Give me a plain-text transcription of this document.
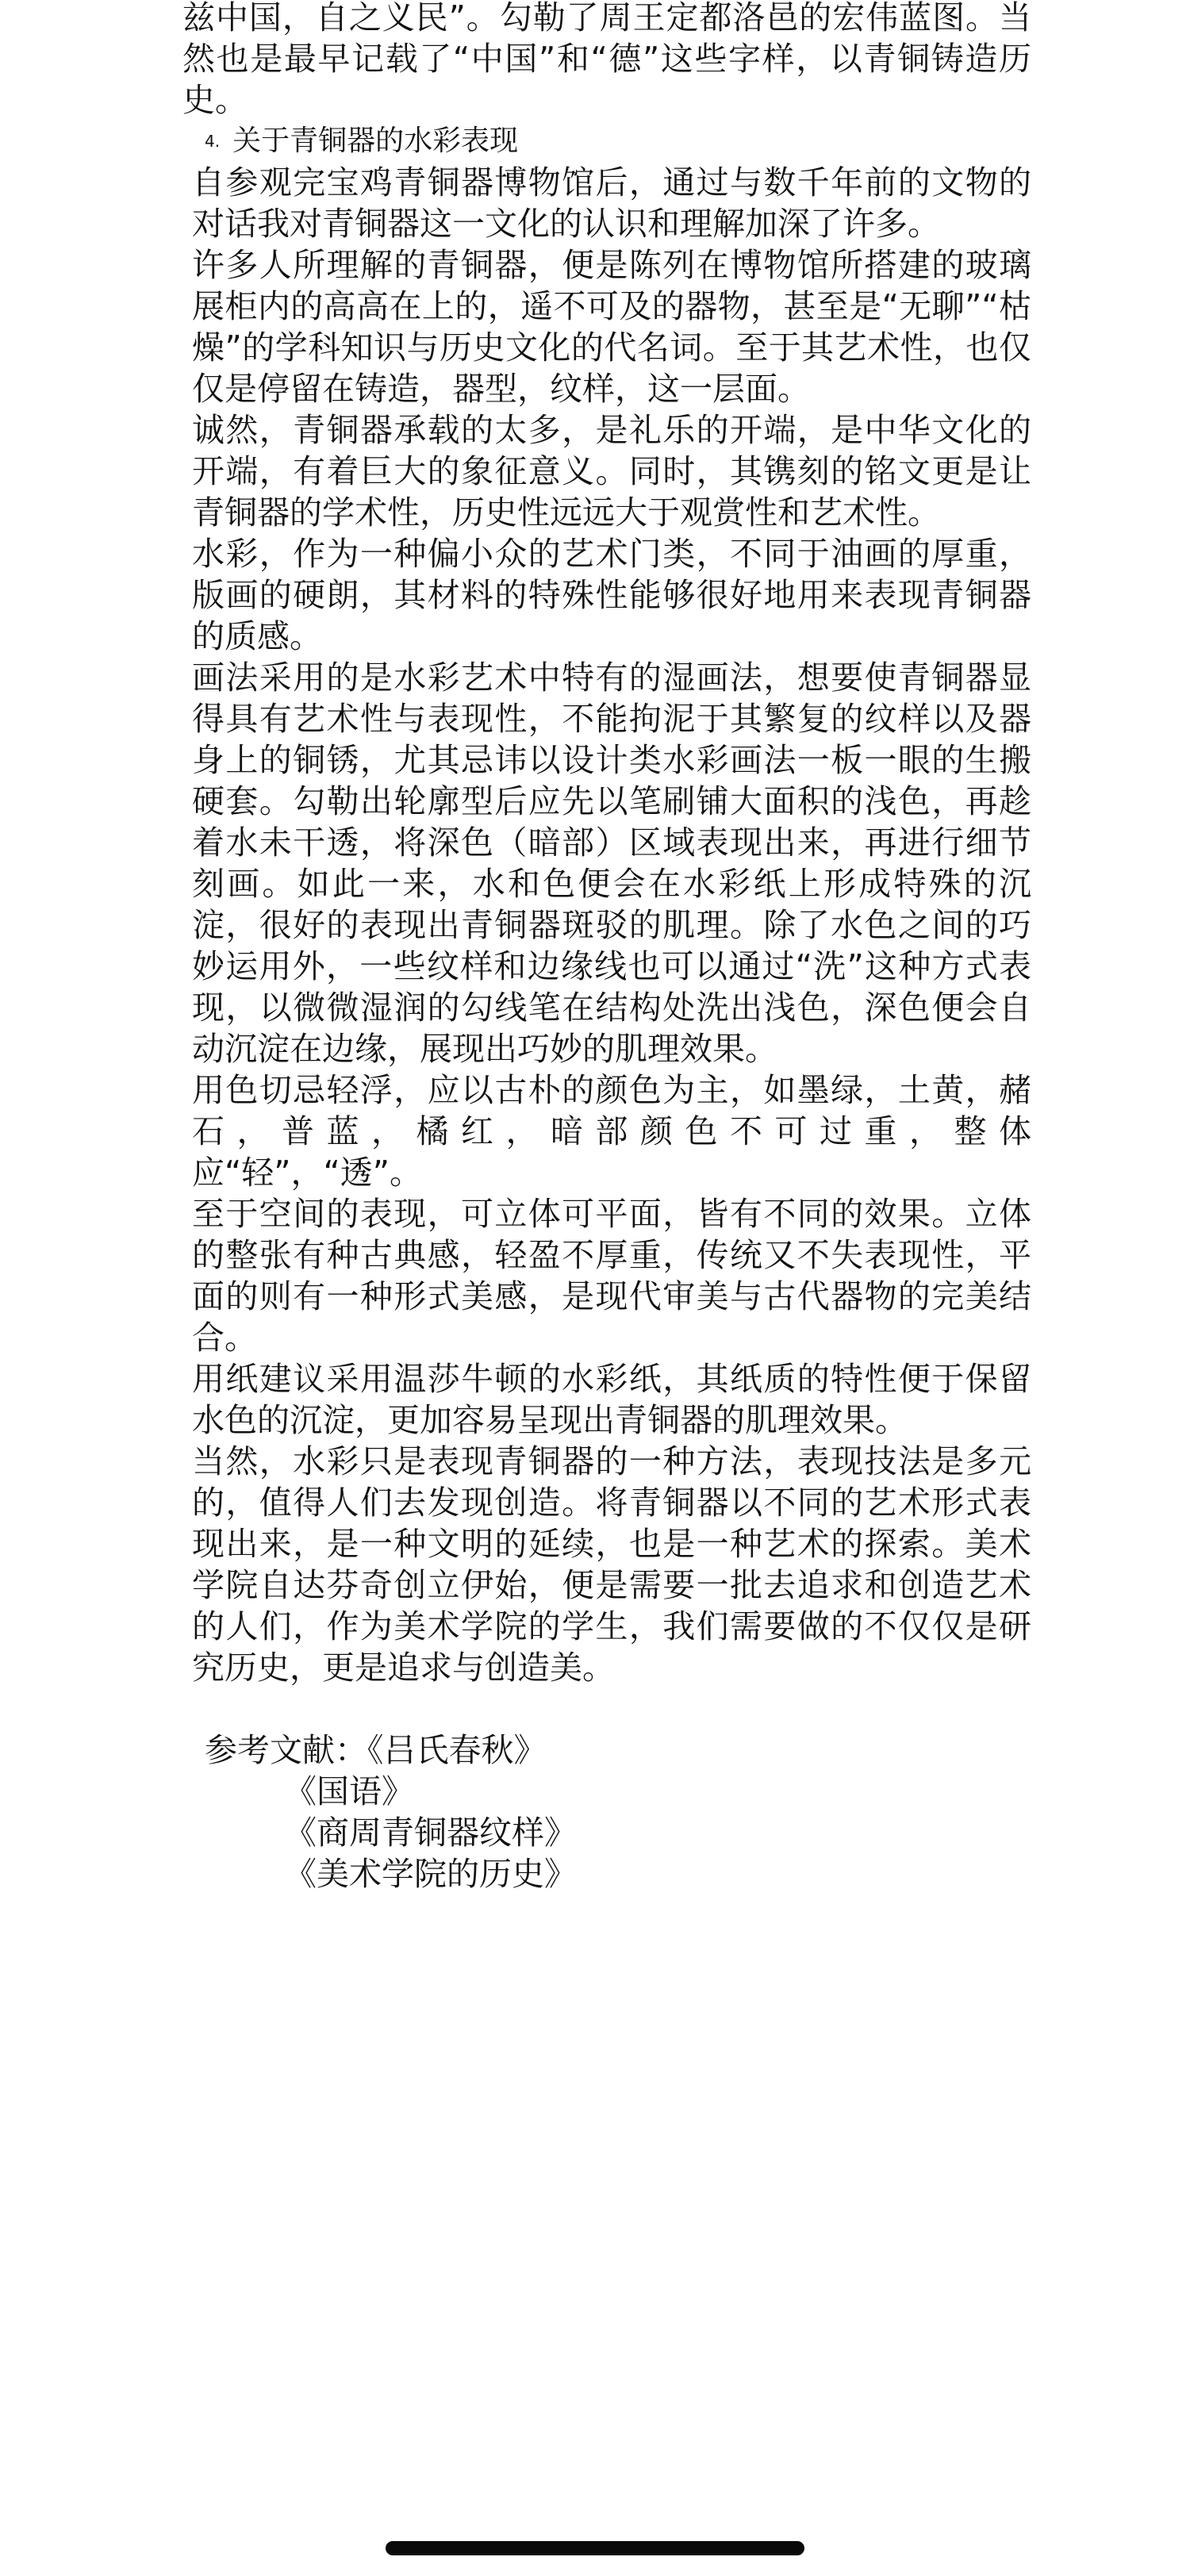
兹中国，自之义民”。勾勒了周王定都洛邑的宏伟蓝图。当然也是最早记载了“中国”和“德”这些字样，以青铜铸造历史。

4. 关于青铜器的水彩表现

自参观完宝鸡青铜器博物馆后，通过与数千年前的文物的对话我对青铜器这一文化的认识和理解加深了许多。

许多人所理解的青铜器，便是陈列在博物馆所搭建的玻璃展柜内的高高在上的，遥不可及的器物，甚至是“无聊”“枯燥”的学科知识与历史文化的代名词。至于其艺术性，也仅仅是停留在铸造，器型，纹样，这一层面。

诚然，青铜器承载的太多，是礼乐的开端，是中华文化的开端，有着巨大的象征意义。同时，其镌刻的铭文更是让青铜器的学术性，历史性远远大于观赏性和艺术性。

水彩，作为一种偏小众的艺术门类，不同于油画的厚重，版画的硬朗，其材料的特殊性能够很好地用来表现青铜器的质感。

画法采用的是水彩艺术中特有的湿画法，想要使青铜器显得具有艺术性与表现性，不能拘泥于其繁复的纹样以及器身上的铜锈，尤其忌讳以设计类水彩画法一板一眼的生搬硬套。勾勒出轮廓型后应先以笔刷铺大面积的浅色，再趁着水未干透，将深色（暗部）区域表现出来，再进行细节刻画。如此一来，水和色便会在水彩纸上形成特殊的沉淀，很好的表现出青铜器斑驳的肌理。除了水色之间的巧妙运用外，一些纹样和边缘线也可以通过“洗”这种方式表现，以微微湿润的勾线笔在结构处洗出浅色，深色便会自动沉淀在边缘，展现出巧妙的肌理效果。

用色切忌轻浮，应以古朴的颜色为主，如墨绿，土黄，赭石，普蓝，橘红，暗部颜色不可过重，整体应“轻”，“透”。

至于空间的表现，可立体可平面，皆有不同的效果。立体的整张有种古典感，轻盈不厚重，传统又不失表现性，平面的则有一种形式美感，是现代审美与古代器物的完美结合。

用纸建议采用温莎牛顿的水彩纸，其纸质的特性便于保留水色的沉淀，更加容易呈现出青铜器的肌理效果。

当然，水彩只是表现青铜器的一种方法，表现技法是多元的，值得人们去发现创造。将青铜器以不同的艺术形式表现出来，是一种文明的延续，也是一种艺术的探索。美术学院自达芬奇创立伊始，便是需要一批去追求和创造艺术的人们，作为美术学院的学生，我们需要做的不仅仅是研究历史，更是追求与创造美。

参考文献：《吕氏春秋》
《国语》
《商周青铜器纹样》
《美术学院的历史》
